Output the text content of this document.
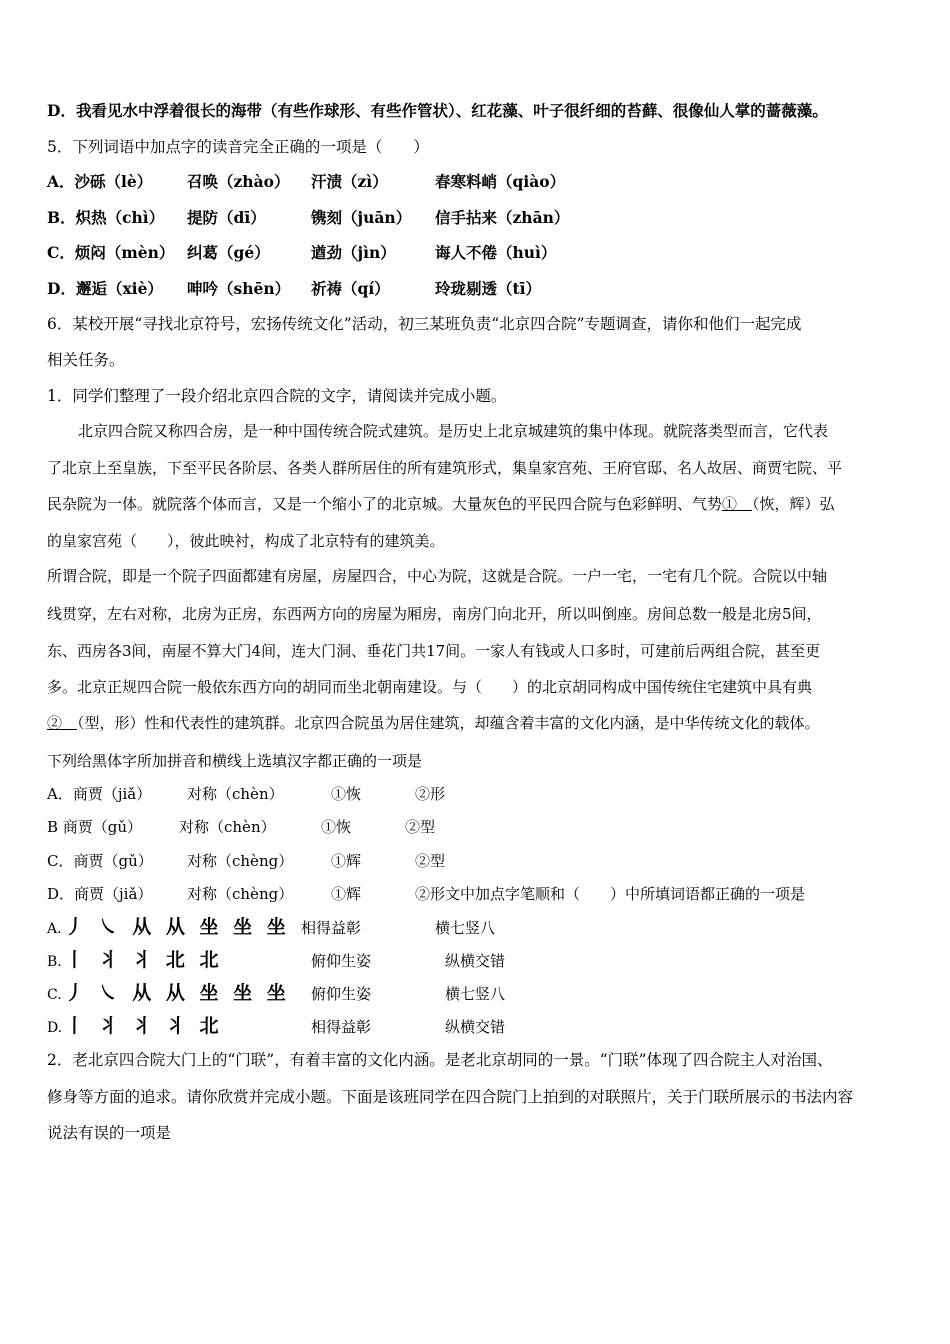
D．我看见水中浮着很长的海带（有些作球形、有些作管状）、红花藻、叶子很纤细的苔藓、很像仙人掌的蔷薇藻。
5．下列词语中加点字的读音完全正确的一项是（　　）
A．沙砾（lè） 召唤（zhào） 汗渍（zì）	春寒料峭（qiào）
B．炽热（chì） 提防（dī）	镌刻（juān） 信手拈来（zhān）
C．烦闷（mèn） 纠葛（gé）	遒劲（jìn）	诲人不倦（huì）
D．邂逅（xiè） 呻吟（shēn） 祈祷（qí）	玲珑剔透（tī）
6．某校开展“寻找北京符号，宏扬传统文化”活动，初三某班负责“北京四合院”专题调查，请你和他们一起完成
相关任务。
1．同学们整理了一段介绍北京四合院的文字，请阅读并完成小题。
北京四合院又称四合房，是一种中国传统合院式建筑。是历史上北京城建筑的集中体现。就院落类型而言，它代表
了北京上至皇族，下至平民各阶层、各类人群所居住的所有建筑形式，集皇家宫苑、王府官邸、名人故居、商贾宅院、平
民杂院为一体。就院落个体而言，又是一个缩小了的北京城。大量灰色的平民四合院与色彩鲜明、气势①　（恢，辉）弘
的皇家宫苑（　　），彼此映衬，构成了北京特有的建筑美。
所谓合院，即是一个院子四面都建有房屋，房屋四合，中心为院，这就是合院。一户一宅，一宅有几个院。合院以中轴
线贯穿，左右对称，北房为正房，东西两方向的房屋为厢房，南房门向北开，所以叫倒座。房间总数一般是北房5间，
东、西房各3间，南屋不算大门4间，连大门洞、垂花门共17间。一家人有钱或人口多时，可建前后两组合院，甚至更
多。北京正规四合院一般依东西方向的胡同而坐北朝南建设。与（　　）的北京胡同构成中国传统住宅建筑中具有典
②　（型，形）性和代表性的建筑群。北京四合院虽为居住建筑，却蕴含着丰富的文化内涵，是中华传统文化的载体。
下列给黑体字所加拼音和横线上选填汉字都正确的一项是
A．商贾（jiǎ） 对称（chèn）	①恢	②形
B 商贾（gǔ） 对称（chèn）	①恢	②型
C．商贾（gǔ） 对称（chèng）	①辉	②型
D．商贾（jiǎ） 对称（chèng）	①辉	②形文中加点字笔顺和（　　）中所填词语都正确的一项是
A. 丿 ㇏ 从 从 坐 坐 坐 相得益彰	横七竖八
B. 丨 丬 丬 北 北	俯仰生姿	纵横交错
C. 丿 ㇏ 从 从 坐 坐 坐 俯仰生姿	横七竖八
D. 丨 丬 丬 丬 北	相得益彰	纵横交错
2．老北京四合院大门上的“门联”，有着丰富的文化内涵。是老北京胡同的一景。“门联”体现了四合院主人对治国、
修身等方面的追求。请你欣赏并完成小题。下面是该班同学在四合院门上拍到的对联照片，关于门联所展示的书法内容
说法有误的一项是
